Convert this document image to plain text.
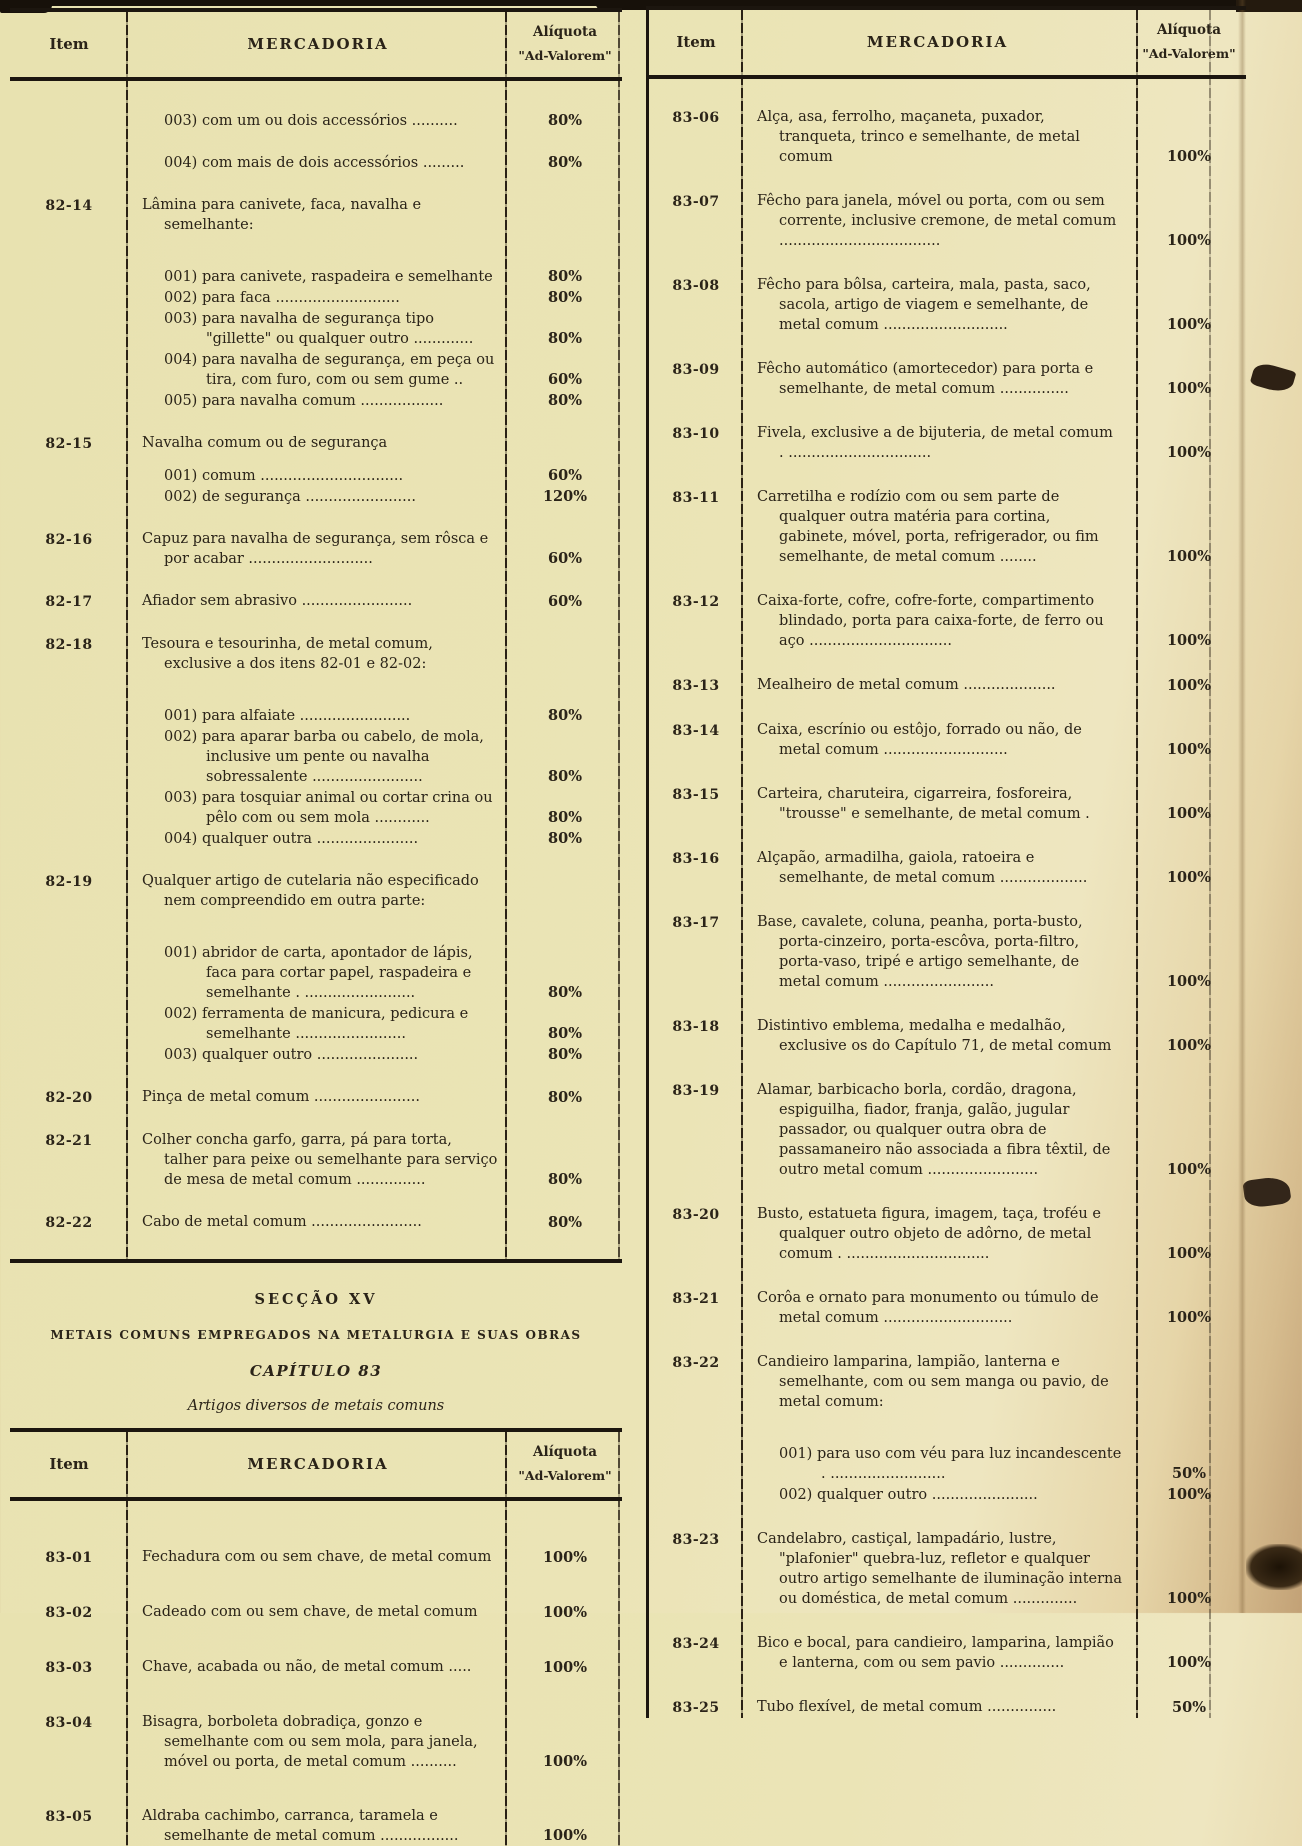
Item	MERCADORIA
Alíquota
"Ad-Valorem"
003) com um ou dois accessórios ..........	80%
004) com mais de dois accessórios .........	80%
82-14	Lâmina para canivete, faca, navalha e semelhante:
001) para canivete, raspadeira e semelhante	80%
002) para faca ...........................	80%
003) para navalha de segurança tipo "gillette" ou qualquer outro .............	80%
004) para navalha de segurança, em peça ou tira, com furo, com ou sem gume ..	60%
005) para navalha comum ..................	80%
82-15	Navalha comum ou de segurança
001) comum ...............................	60%
002) de segurança ........................	120%
82-16	Capuz para navalha de segurança, sem rôsca e por acabar ...........................	60%
82-17	Afiador sem abrasivo ........................	60%
82-18	Tesoura e tesourinha, de metal comum, exclusive a dos itens 82-01 e 82-02:
001) para alfaiate ........................	80%
002) para aparar barba ou cabelo, de mola, inclusive um pente ou navalha sobressalente ........................	80%
003) para tosquiar animal ou cortar crina ou pêlo com ou sem mola ............	80%
004) qualquer outra ......................	80%
82-19	Qualquer artigo de cutelaria não especificado nem compreendido em outra parte:
001) abridor de carta, apontador de lápis, faca para cortar papel, raspadeira e semelhante . ........................	80%
002) ferramenta de manicura, pedicura e semelhante ........................	80%
003) qualquer outro ......................	80%
82-20	Pinça de metal comum .......................	80%
82-21	Colher concha garfo, garra, pá para torta, talher para peixe ou semelhante para serviço de mesa de metal comum ...............	80%
82-22	Cabo de metal comum ........................	80%
SECÇÃO XV
METAIS COMUNS EMPREGADOS NA METALURGIA E SUAS OBRAS
CAPÍTULO 83
Artigos diversos de metais comuns
Item	MERCADORIA
Alíquota
"Ad-Valorem"
83-01	Fechadura com ou sem chave, de metal comum	100%
83-02	Cadeado com ou sem chave, de metal comum	100%
83-03	Chave, acabada ou não, de metal comum .....	100%
83-04	Bisagra, borboleta dobradiça, gonzo e semelhante com ou sem mola, para janela, móvel ou porta, de metal comum ..........	100%
83-05	Aldraba cachimbo, carranca, taramela e semelhante de metal comum .................	100%
Item	MERCADORIA
Alíquota
"Ad-Valorem"
83-06	Alça, asa, ferrolho, maçaneta, puxador, tranqueta, trinco e semelhante, de metal comum	100%
83-07	Fêcho para janela, móvel ou porta, com ou sem corrente, inclusive cremone, de metal comum ...................................	100%
83-08	Fêcho para bôlsa, carteira, mala, pasta, saco, sacola, artigo de viagem e semelhante, de metal comum ...........................	100%
83-09	Fêcho automático (amortecedor) para porta e semelhante, de metal comum ...............	100%
83-10	Fivela, exclusive a de bijuteria, de metal comum . ...............................	100%
83-11	Carretilha e rodízio com ou sem parte de qualquer outra matéria para cortina, gabinete, móvel, porta, refrigerador, ou fim semelhante, de metal comum ........	100%
83-12	Caixa-forte, cofre, cofre-forte, compartimento blindado, porta para caixa-forte, de ferro ou aço ...............................	100%
83-13	Mealheiro de metal comum ....................	100%
83-14	Caixa, escrínio ou estôjo, forrado ou não, de metal comum ...........................	100%
83-15	Carteira, charuteira, cigarreira, fosforeira, "trousse" e semelhante, de metal comum .	100%
83-16	Alçapão, armadilha, gaiola, ratoeira e semelhante, de metal comum ...................	100%
83-17	Base, cavalete, coluna, peanha, porta-busto, porta-cinzeiro, porta-escôva, porta-filtro, porta-vaso, tripé e artigo semelhante, de metal comum ........................	100%
83-18	Distintivo emblema, medalha e medalhão, exclusive os do Capítulo 71, de metal comum	100%
83-19	Alamar, barbicacho borla, cordão, dragona, espiguilha, fiador, franja, galão, jugular passador, ou qualquer outra obra de passamaneiro não associada a fibra têxtil, de outro metal comum ........................	100%
83-20	Busto, estatueta figura, imagem, taça, troféu e qualquer outro objeto de adôrno, de metal comum . ...............................	100%
83-21	Corôa e ornato para monumento ou túmulo de metal comum ............................	100%
83-22	Candieiro lamparina, lampião, lanterna e semelhante, com ou sem manga ou pavio, de metal comum:
001) para uso com véu para luz incandescente . .........................	50%
002) qualquer outro .......................	100%
83-23	Candelabro, castiçal, lampadário, lustre, "plafonier" quebra-luz, refletor e qualquer outro artigo semelhante de iluminação interna ou doméstica, de metal comum ..............	100%
83-24	Bico e bocal, para candieiro, lamparina, lampião e lanterna, com ou sem pavio ..............	100%
83-25	Tubo flexível, de metal comum ...............	50%
